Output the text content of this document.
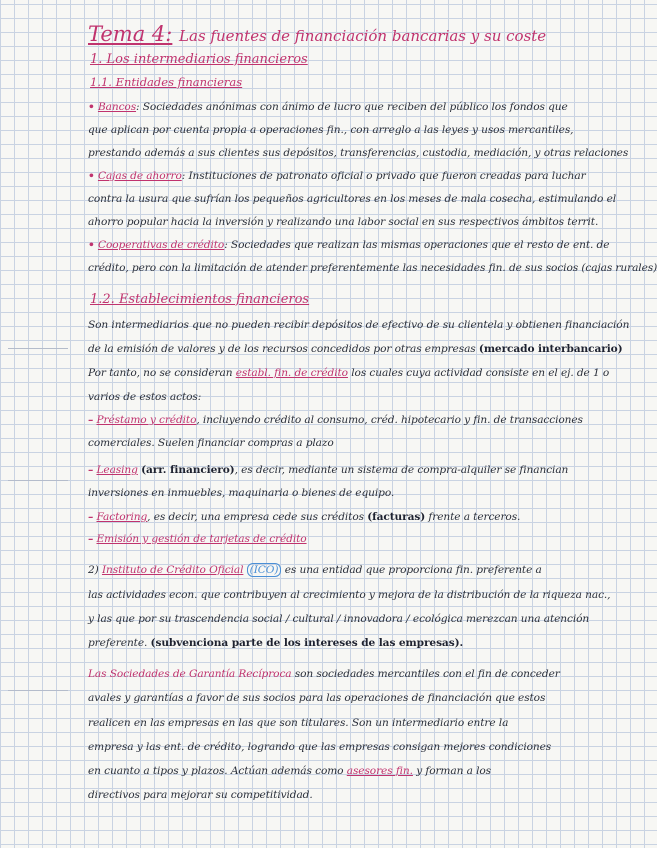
Tema 4: Las fuentes de financiación bancarias y su coste
1. Los intermediarios financieros
1.1. Entidades financieras
• Bancos: Sociedades anónimas con ánimo de lucro que reciben del público los fondos que
que aplican por cuenta propia a operaciones fin., con arreglo a las leyes y usos mercantiles,
prestando además a sus clientes sus depósitos, transferencias, custodia, mediación, y otras relaciones
• Cajas de ahorro: Instituciones de patronato oficial o privado que fueron creadas para luchar
contra la usura que sufrían los pequeños agricultores en los meses de mala cosecha, estimulando el
ahorro popular hacia la inversión y realizando una labor social en sus respectivos ámbitos territ.
• Cooperativas de crédito: Sociedades que realizan las mismas operaciones que el resto de ent. de
crédito, pero con la limitación de atender preferentemente las necesidades fin. de sus socios (cajas rurales)
1.2. Establecimientos financieros
Son intermediarios que no pueden recibir depósitos de efectivo de su clientela y obtienen financiación
de la emisión de valores y de los recursos concedidos por otras empresas (mercado interbancario)
Por tanto, no se consideran establ. fin. de crédito los cuales cuya actividad consiste en el ej. de 1 o
varios de estos actos:
– Préstamo y crédito, incluyendo crédito al consumo, créd. hipotecario y fin. de transacciones
comerciales. Suelen financiar compras a plazo
– Leasing (arr. financiero), es decir, mediante un sistema de compra-alquiler se financian
inversiones en inmuebles, maquinaria o bienes de equipo.
– Factoring, es decir, una empresa cede sus créditos (facturas) frente a terceros.
– Emisión y gestión de tarjetas de crédito
2) Instituto de Crédito Oficial (ICO) es una entidad que proporciona fin. preferente a
las actividades econ. que contribuyen al crecimiento y mejora de la distribución de la riqueza nac.,
y las que por su trascendencia social / cultural / innovadora / ecológica merezcan una atención
preferente. (subvenciona parte de los intereses de las empresas).
Las Sociedades de Garantía Recíproca son sociedades mercantiles con el fin de conceder
avales y garantías a favor de sus socios para las operaciones de financiación que estos
realicen en las empresas en las que son titulares. Son un intermediario entre la
empresa y las ent. de crédito, logrando que las empresas consigan mejores condiciones
en cuanto a tipos y plazos. Actúan además como asesores fin. y forman a los
directivos para mejorar su competitividad.
